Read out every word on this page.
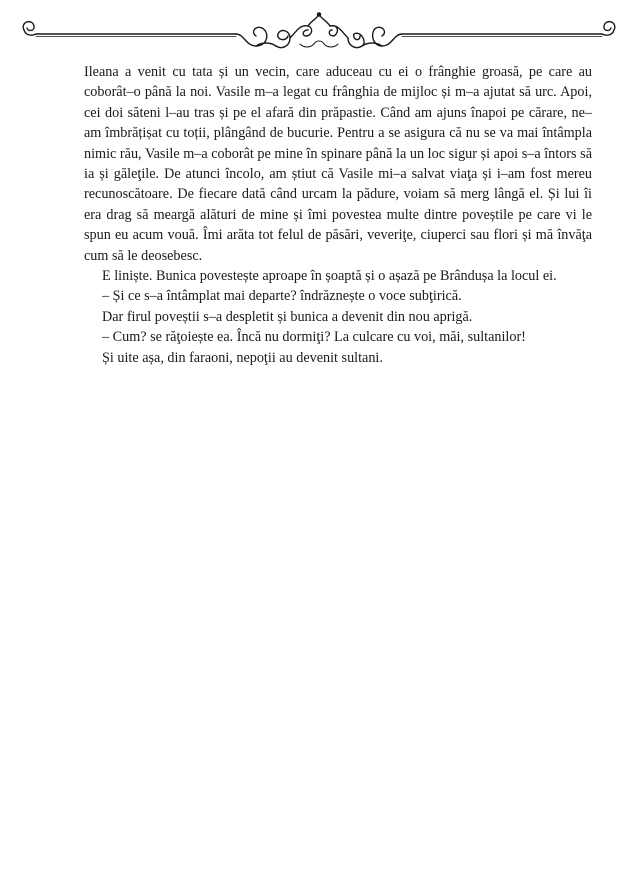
Ileana a venit cu tata și un vecin, care aduceau cu ei o frânghie groasă, pe care au coborât–o până la noi. Vasile m–a legat cu frânghia de mijloc și m–a ajutat să urc. Apoi, cei doi săteni l–au tras și pe el afară din prăpastie. Când am ajuns înapoi pe cărare, ne–am îmbrățișat cu toții, plângând de bucurie. Pentru a se asigura că nu se va mai întâmpla nimic rău, Vasile m–a coborât pe mine în spinare până la un loc sigur și apoi s–a întors să ia și găleţile. De atunci încolo, am știut că Vasile mi–a salvat viaţa și i–am fost mereu recunoscătoare. De fiecare dată când urcam la pădure, voiam să merg lângă el. Și lui îi era drag să meargă alături de mine și îmi povestea multe dintre poveștile pe care vi le spun eu acum vouă. Îmi arăta tot felul de păsări, veveriţe, ciuperci sau flori și mă învăţa cum să le deosebesc.

E liniște. Bunica povestește aproape în șoaptă și o așază pe Brândușa la locul ei.

– Și ce s–a întâmplat mai departe? îndrăznește o voce subţirică.

Dar firul poveștii s–a despletit și bunica a devenit din nou aprigă.

– Cum? se răţoiește ea. Încă nu dormiţi? La culcare cu voi, măi, sultanilor!

Și uite așa, din faraoni, nepoţii au devenit sultani.
